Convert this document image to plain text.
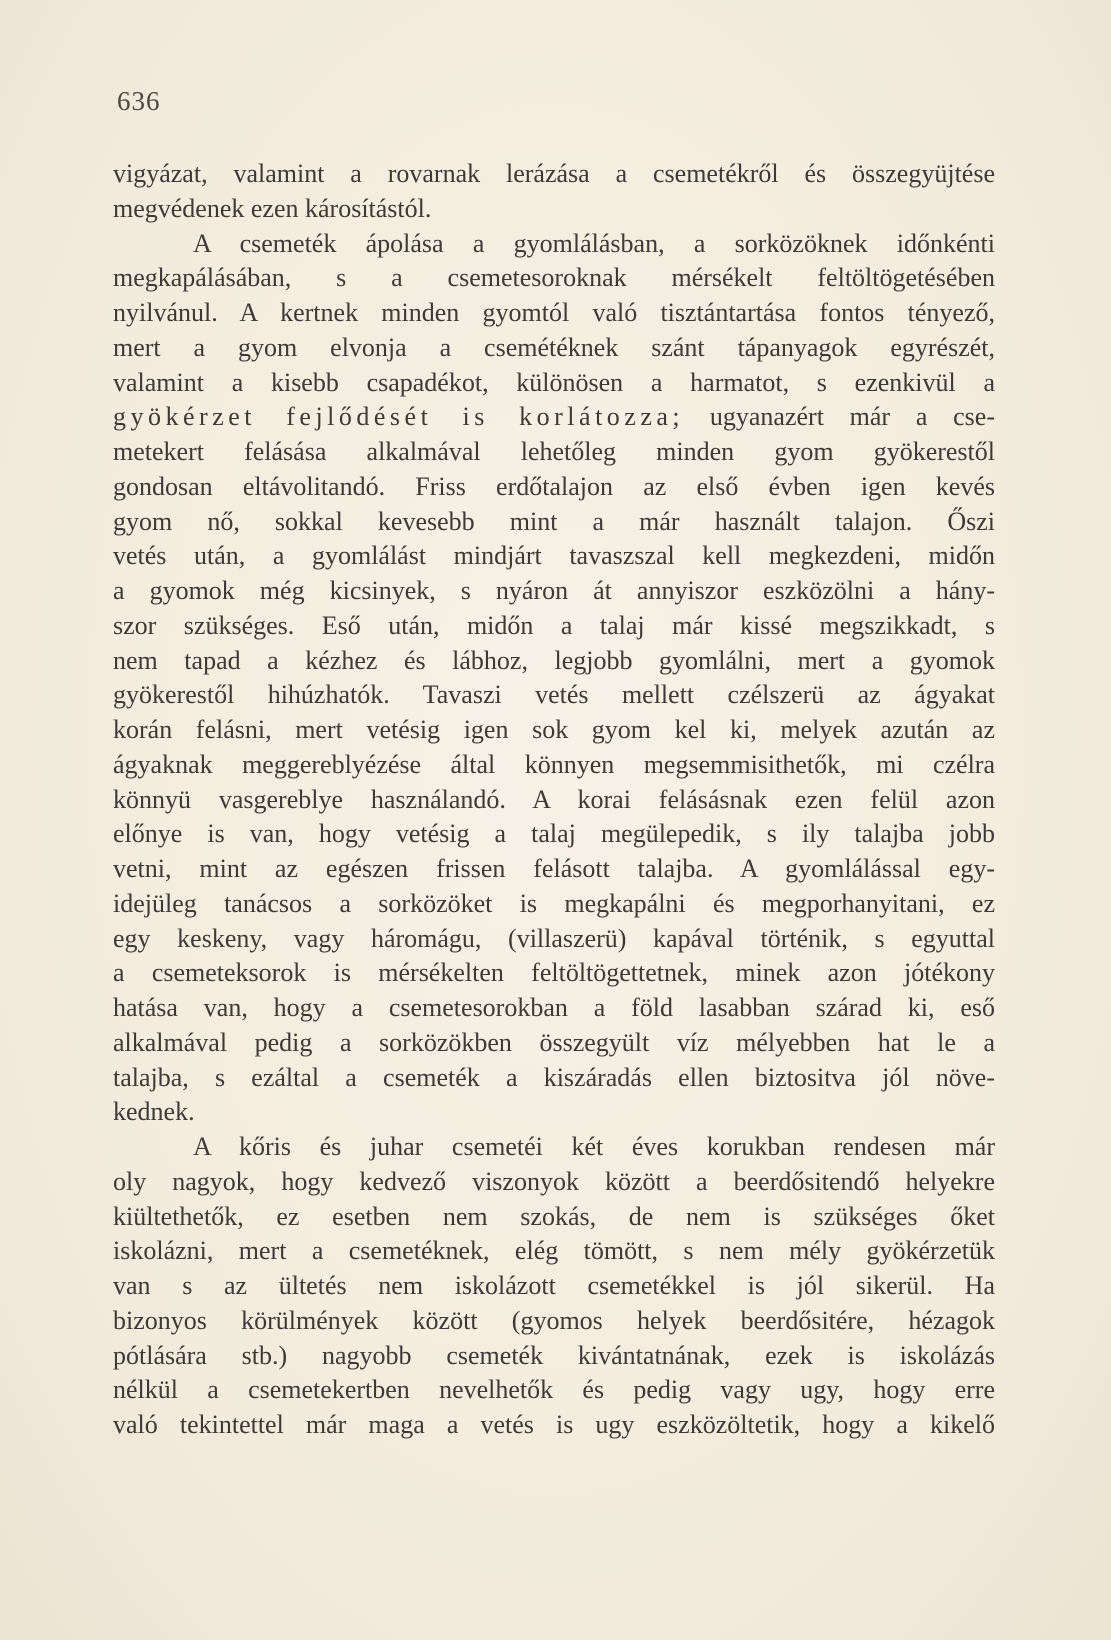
636
vigyázat, valamint a rovarnak lerázása a csemetékről és összegyüjtése
megvédenek ezen károsítástól.
A csemeték ápolása a gyomlálásban, a sorközöknek időnkénti
megkapálásában, s a csemetesoroknak mérsékelt feltöltögetésében
nyilvánul. A kertnek minden gyomtól való tisztántartása fontos tényező,
mert a gyom elvonja a csemétéknek szánt tápanyagok egyrészét,
valamint a kisebb csapadékot, különösen a harmatot, s ezenkivül a
gyökérzet fejlődését is korlátozza; ugyanazért már a cse-
metekert felásása alkalmával lehetőleg minden gyom gyökerestől
gondosan eltávolitandó. Friss erdőtalajon az első évben igen kevés
gyom nő, sokkal kevesebb mint a már használt talajon. Őszi
vetés után, a gyomlálást mindjárt tavaszszal kell megkezdeni, midőn
a gyomok még kicsinyek, s nyáron át annyiszor eszközölni a hány-
szor szükséges. Eső után, midőn a talaj már kissé megszikkadt, s
nem tapad a kézhez és lábhoz, legjobb gyomlálni, mert a gyomok
gyökerestől hihúzhatók. Tavaszi vetés mellett czélszerü az ágyakat
korán felásni, mert vetésig igen sok gyom kel ki, melyek azután az
ágyaknak meggereblyézése által könnyen megsemmisithetők, mi czélra
könnyü vasgereblye használandó. A korai felásásnak ezen felül azon
előnye is van, hogy vetésig a talaj megülepedik, s ily talajba jobb
vetni, mint az egészen frissen felásott talajba. A gyomlálással egy-
idejüleg tanácsos a sorközöket is megkapálni és megporhanyitani, ez
egy keskeny, vagy háromágu, (villaszerü) kapával történik, s egyuttal
a csemeteksorok is mérsékelten feltöltögettetnek, minek azon jótékony
hatása van, hogy a csemetesorokban a föld lasabban szárad ki, eső
alkalmával pedig a sorközökben összegyült víz mélyebben hat le a
talajba, s ezáltal a csemeték a kiszáradás ellen biztositva jól növe-
kednek.
A kőris és juhar csemetéi két éves korukban rendesen már
oly nagyok, hogy kedvező viszonyok között a beerdősitendő helyekre
kiültethetők, ez esetben nem szokás, de nem is szükséges őket
iskolázni, mert a csemetéknek, elég tömött, s nem mély gyökérzetük
van s az ültetés nem iskolázott csemetékkel is jól sikerül. Ha
bizonyos körülmények között (gyomos helyek beerdősitére, hézagok
pótlására stb.) nagyobb csemeték kivántatnának, ezek is iskolázás
nélkül a csemetekertben nevelhetők és pedig vagy ugy, hogy erre
való tekintettel már maga a vetés is ugy eszközöltetik, hogy a kikelő
